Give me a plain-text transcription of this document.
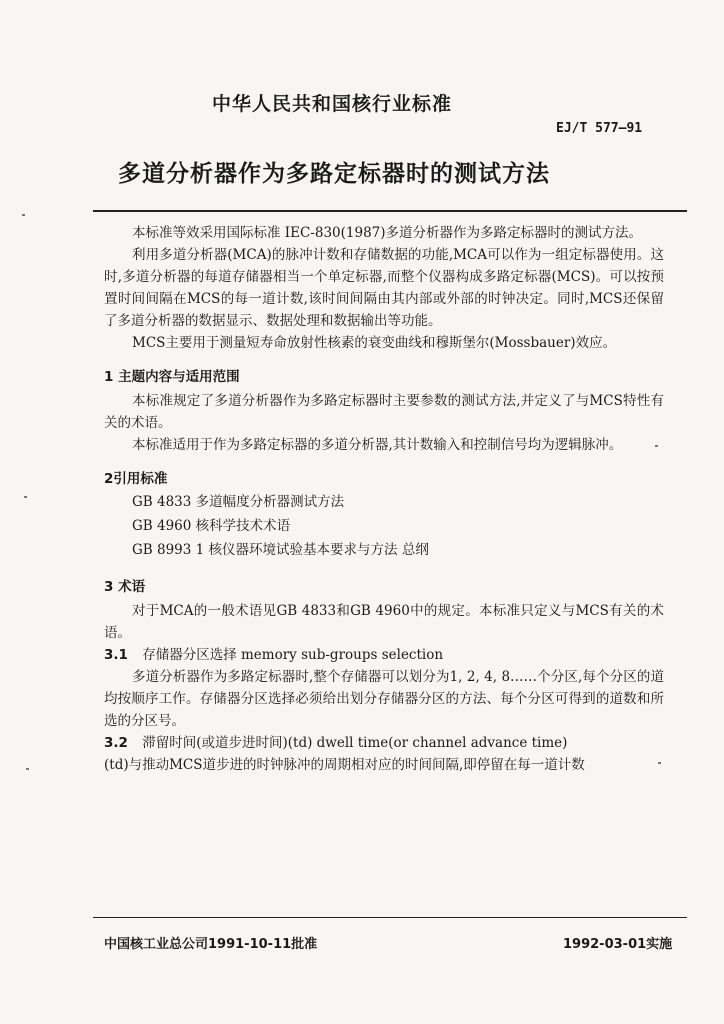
中华人民共和国核行业标准
EJ/T 577—91
多道分析器作为多路定标器时的测试方法

本标准等效采用国际标准 IEC-830(1987)多道分析器作为多路定标器时的测试方法。

利用多道分析器(MCA)的脉冲计数和存储数据的功能,MCA可以作为一组定标器使用。这时,多道分析器的每道存储器相当一个单定标器,而整个仪器构成多路定标器(MCS)。可以按预置时间间隔在MCS的每一道计数,该时间间隔由其内部或外部的时钟决定。同时,MCS还保留了多道分析器的数据显示、数据处理和数据输出等功能。

MCS主要用于测量短寿命放射性核素的衰变曲线和穆斯堡尔(Mossbauer)效应。

1 主题内容与适用范围

本标准规定了多道分析器作为多路定标器时主要参数的测试方法,并定义了与MCS特性有关的术语。

本标准适用于作为多路定标器的多道分析器,其计数输入和控制信号均为逻辑脉冲。

2引用标准
GB 4833 多道幅度分析器测试方法
GB 4960 核科学技术术语
GB 8993 1 核仪器环境试验基本要求与方法 总纲
3 术语

对于MCA的一般术语见GB 4833和GB 4960中的规定。本标准只定义与MCS有关的术语。

3.1 存储器分区选择 memory sub-groups selection

多道分析器作为多路定标器时,整个存储器可以划分为1, 2, 4, 8……个分区,每个分区的道均按顺序工作。存储器分区选择必须给出划分存储器分区的方法、每个分区可得到的道数和所选的分区号。

3.2 滞留时间(或道步进时间)(td) dwell time(or channel advance time)

(td)与推动MCS道步进的时钟脉冲的周期相对应的时间间隔,即停留在每一道计数

中国核工业总公司1991-10-11批准	1992-03-01实施
